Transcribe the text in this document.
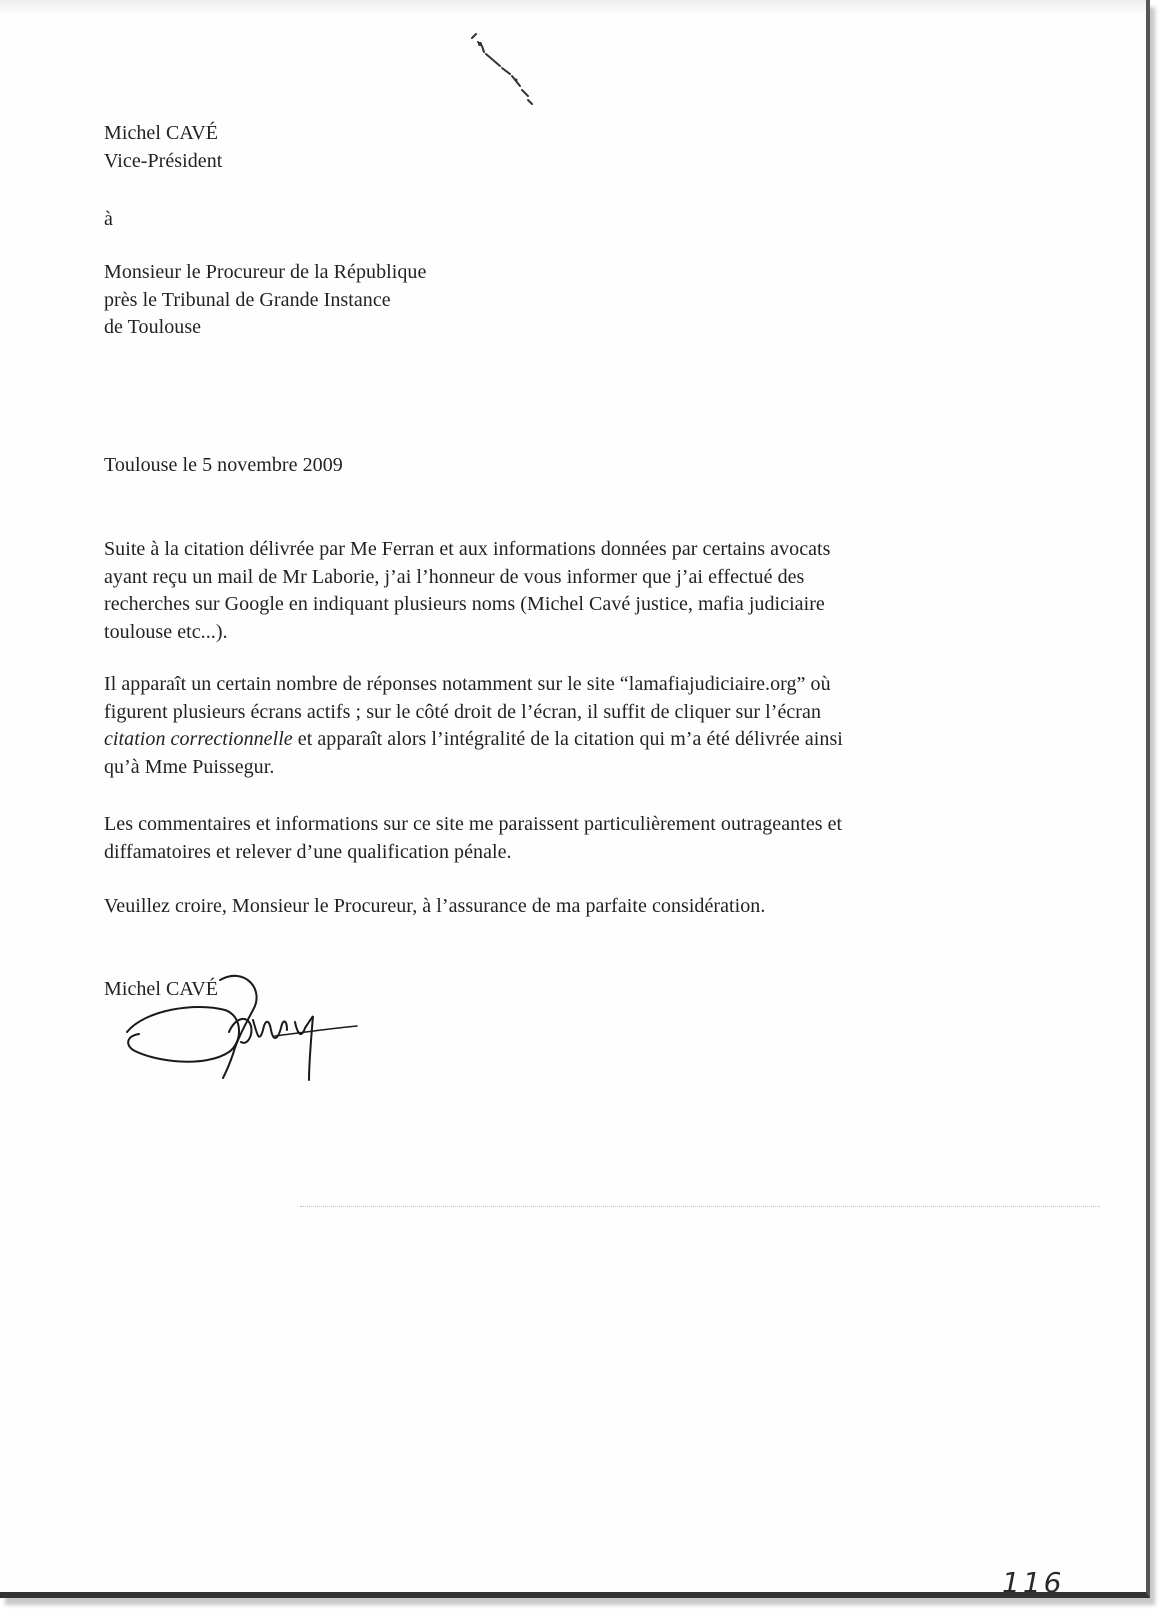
Michel CAVÉ
Vice-Président
à
Monsieur le Procureur de la République
près le Tribunal de Grande Instance
de Toulouse
Toulouse le 5 novembre 2009
Suite à la citation délivrée par Me Ferran et aux informations données par certains avocats
ayant reçu un mail de Mr Laborie, j’ai l’honneur de vous informer que j’ai effectué des
recherches sur Google en indiquant plusieurs noms (Michel Cavé justice, mafia judiciaire
toulouse etc...).
Il apparaît un certain nombre de réponses notamment sur le site “lamafiajudiciaire.org” où
figurent plusieurs écrans actifs ; sur le côté droit de l’écran, il suffit de cliquer sur l’écran
citation correctionnelle et apparaît alors l’intégralité de la citation qui m’a été délivrée ainsi
qu’à Mme Puissegur.
Les commentaires et informations sur ce site me paraissent particulièrement outrageantes et
diffamatoires et relever d’une qualification pénale.
Veuillez croire, Monsieur le Procureur, à l’assurance de ma parfaite considération.
Michel CAVÉ
116
